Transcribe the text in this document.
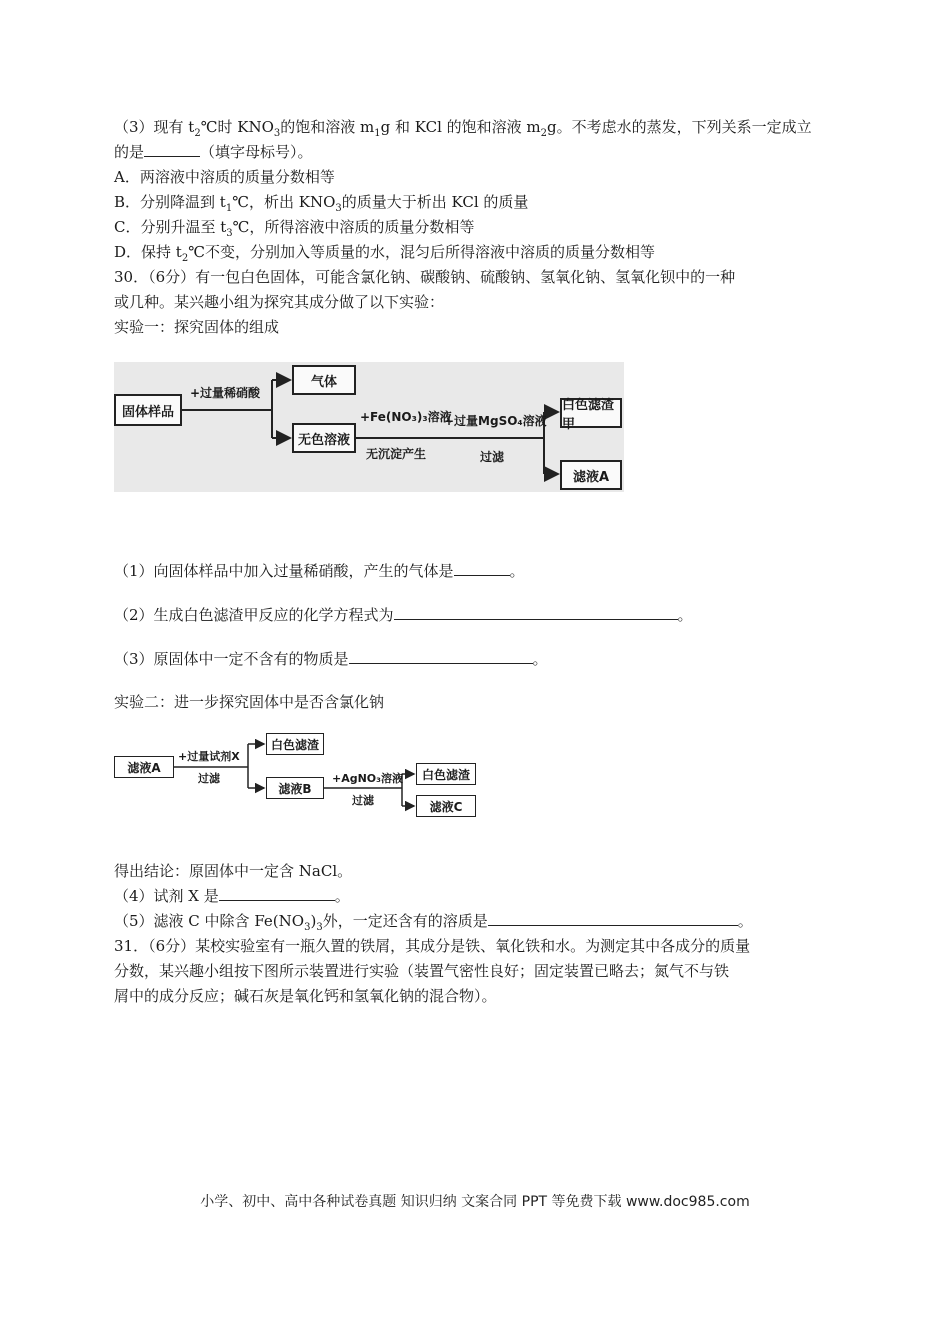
（3）现有 $t_2℃$时 $KNO_3$的饱和溶液 $m_1g$ 和 KCl 的饱和溶液 $m_2g$。不考虑水的蒸发，下列关系一定成立
的是	（填字母标号）。
A．两溶液中溶质的质量分数相等
B．分别降温到 $t_1℃$，析出 $KNO_3$的质量大于析出 KCl 的质量
C．分别升温至 $t_3℃$，所得溶液中溶质的质量分数相等
D．保持 $t_2℃$不变，分别加入等质量的水，混匀后所得溶液中溶质的质量分数相等
30．（6分）有一包白色固体，可能含氯化钠、碳酸钠、硫酸钠、氢氧化钠、氢氧化钡中的一种
或几种。某兴趣小组为探究其成分做了以下实验：
实验一：探究固体的组成
固体样品
+过量稀硝酸
气体
无色溶液
+Fe(NO₃)₃溶液
无沉淀产生
+过量MgSO₄溶液
过滤
白色滤渣甲
滤液A
（1）向固体样品中加入过量稀硝酸，产生的气体是	。
（2）生成白色滤渣甲反应的化学方程式为	。
（3）原固体中一定不含有的物质是	。
实验二：进一步探究固体中是否含氯化钠
滤液A
+过量试剂X
过滤
白色滤渣
滤液B
+AgNO₃溶液
过滤
白色滤渣
滤液C
得出结论：原固体中一定含 NaCl。
（4）试剂 X 是	。
（5）滤液 C 中除含 $Fe(NO_3)_3$外，一定还含有的溶质是	。
31．（6分）某校实验室有一瓶久置的铁屑，其成分是铁、氧化铁和水。为测定其中各成分的质量
分数，某兴趣小组按下图所示装置进行实验（装置气密性良好；固定装置已略去；氮气不与铁
屑中的成分反应；碱石灰是氧化钙和氢氧化钠的混合物）。
小学、初中、高中各种试卷真题 知识归纳 文案合同 PPT 等免费下载 www.doc985.com
